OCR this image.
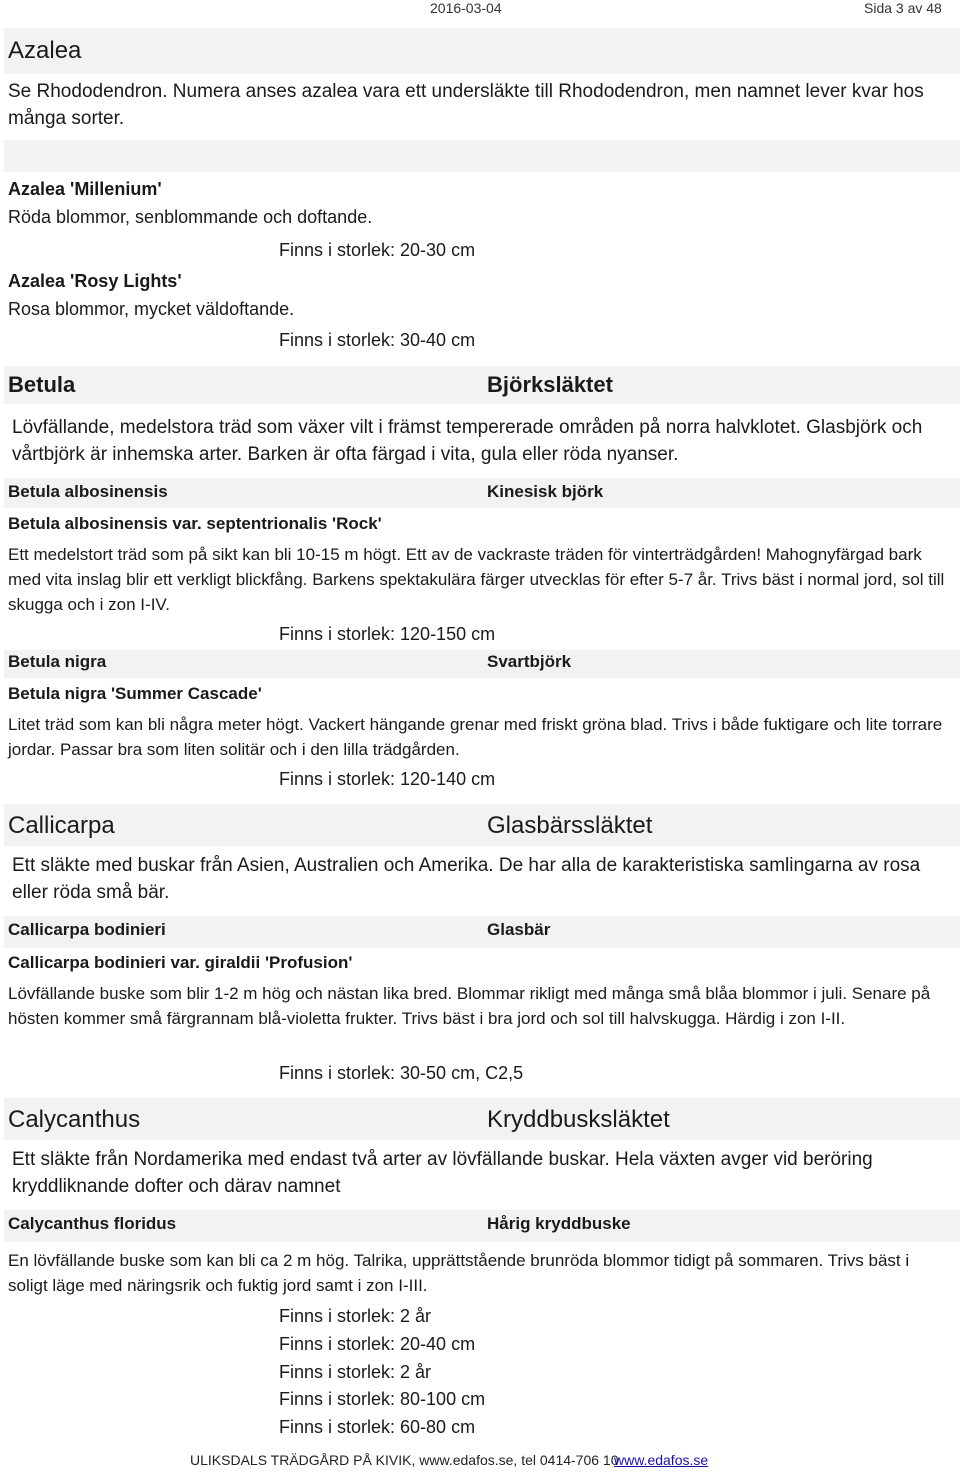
2016-03-04	Sida 3 av 48
Azalea
Se Rhododendron. Numera anses azalea vara ett undersläkte till Rhododendron, men namnet lever kvar hos många sorter.
Azalea 'Millenium'
Röda blommor, senblommande och doftande.
Finns i storlek: 20-30 cm
Azalea 'Rosy Lights'
Rosa blommor, mycket väldoftande.
Finns i storlek: 30-40 cm
Betula	Björksläktet
Lövfällande, medelstora träd som växer vilt i främst tempererade områden på norra halvklotet. Glasbjörk och vårtbjörk är inhemska arter. Barken är ofta färgad i vita, gula eller röda nyanser.
Betula albosinensis	Kinesisk björk
Betula albosinensis var. septentrionalis 'Rock'
Ett medelstort träd som på sikt kan bli 10-15 m högt. Ett av de vackraste träden för vinterträdgården! Mahognyfärgad bark med vita inslag blir ett verkligt blickfång. Barkens spektakulära färger utvecklas för efter 5-7 år. Trivs bäst i normal jord, sol till skugga och i zon I-IV.
Finns i storlek: 120-150 cm
Betula nigra	Svartbjörk
Betula nigra 'Summer Cascade'
Litet träd som kan bli några meter högt. Vackert hängande grenar med friskt gröna blad. Trivs i både fuktigare och lite torrare jordar. Passar bra som liten solitär och i den lilla trädgården.
Finns i storlek: 120-140 cm
Callicarpa	Glasbärssläktet
Ett släkte med buskar från Asien, Australien och Amerika. De har alla de karakteristiska samlingarna av rosa eller röda små bär.
Callicarpa bodinieri	Glasbär
Callicarpa bodinieri var. giraldii 'Profusion'
Lövfällande buske som blir 1-2 m hög och nästan lika bred. Blommar rikligt med många små blåa blommor i juli. Senare på hösten kommer små färgrannam blå-violetta frukter. Trivs bäst i bra jord och sol till halvskugga. Härdig i zon I-II.
Finns i storlek: 30-50 cm, C2,5
Calycanthus	Kryddbusksläktet
Ett släkte från Nordamerika med endast två arter av lövfällande buskar. Hela växten avger vid beröring kryddliknande dofter och därav namnet
Calycanthus floridus	Hårig kryddbuske
En lövfällande buske som kan bli ca 2 m hög. Talrika, upprättstående brunröda blommor tidigt på sommaren. Trivs bäst i soligt läge med näringsrik och fuktig jord samt i zon I-III.
Finns i storlek: 2 år
Finns i storlek: 20-40 cm
Finns i storlek: 2 år
Finns i storlek: 80-100 cm
Finns i storlek: 60-80 cm
ULIKSDALS TRÄDGÅRD PÅ KIVIK, www.edafos.se, tel 0414-706 10
www.edafos.se
